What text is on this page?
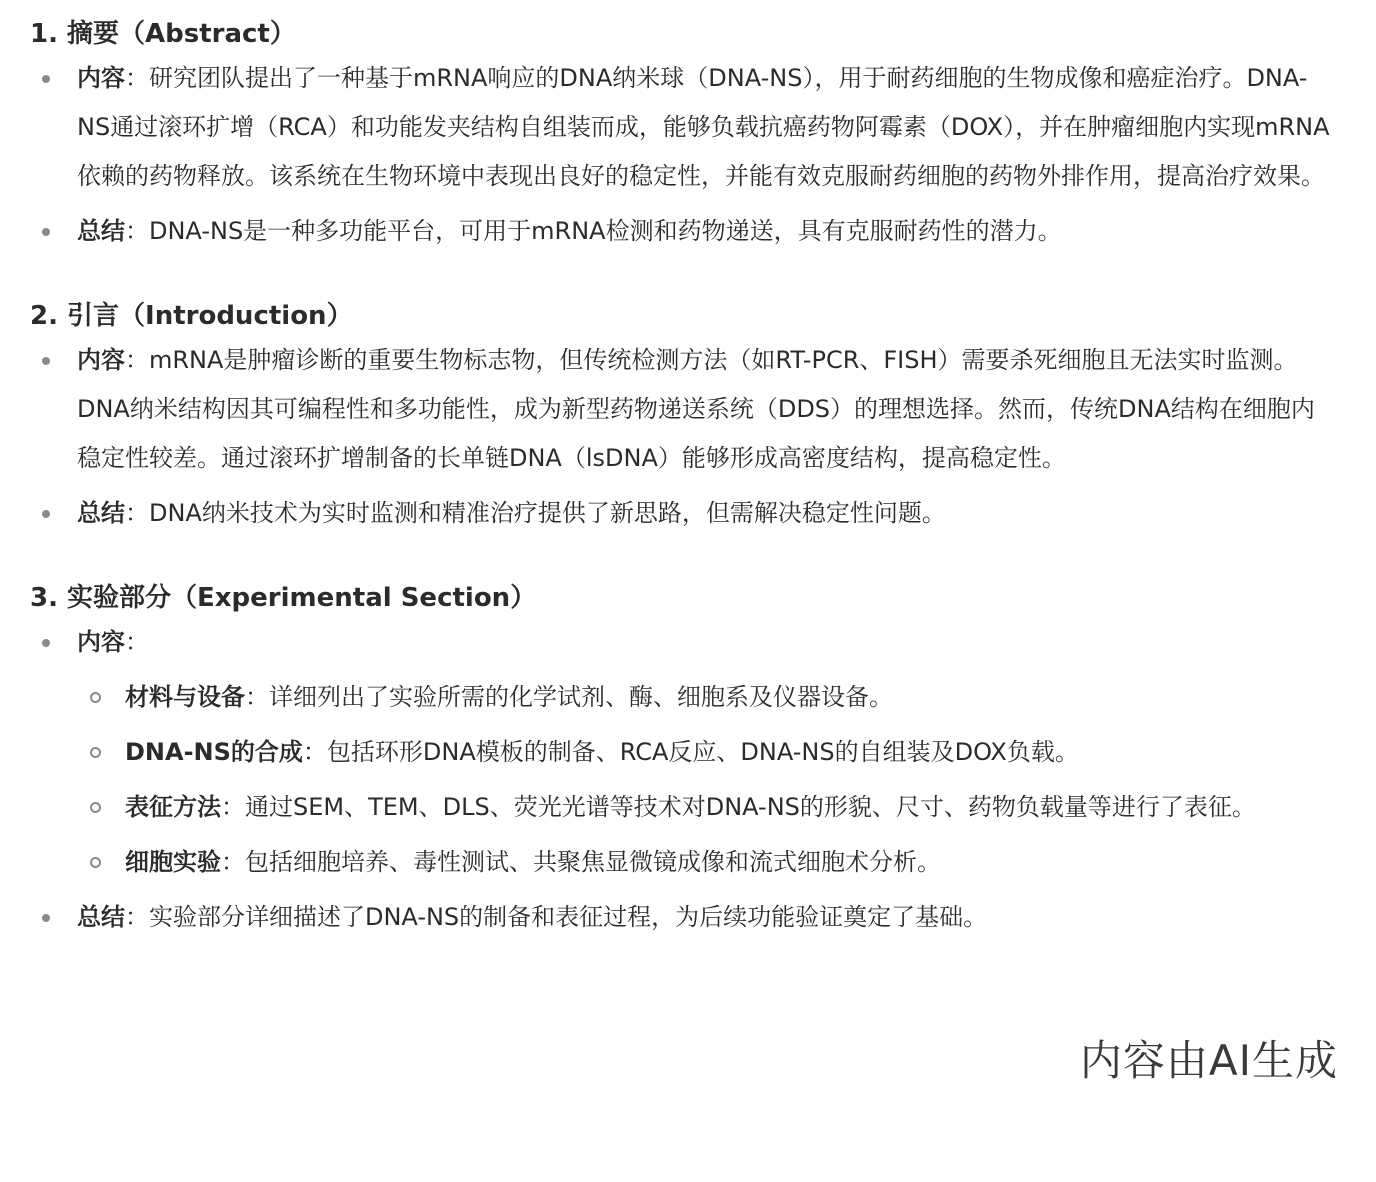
1. 摘要（Abstract）
内容：研究团队提出了一种基于mRNA响应的DNA纳米球（DNA-NS），用于耐药细胞的生物成像和癌症治疗。DNA-NS通过滚环扩增（RCA）和功能发夹结构自组装而成，能够负载抗癌药物阿霉素（DOX），并在肿瘤细胞内实现mRNA依赖的药物释放。该系统在生物环境中表现出良好的稳定性，并能有效克服耐药细胞的药物外排作用，提高治疗效果。
总结：DNA-NS是一种多功能平台，可用于mRNA检测和药物递送，具有克服耐药性的潜力。
2. 引言（Introduction）
内容：mRNA是肿瘤诊断的重要生物标志物，但传统检测方法（如RT-PCR、FISH）需要杀死细胞且无法实时监测。DNA纳米结构因其可编程性和多功能性，成为新型药物递送系统（DDS）的理想选择。然而，传统DNA结构在细胞内稳定性较差。通过滚环扩增制备的长单链DNA（lsDNA）能够形成高密度结构，提高稳定性。
总结：DNA纳米技术为实时监测和精准治疗提供了新思路，但需解决稳定性问题。
3. 实验部分（Experimental Section）
内容：
材料与设备：详细列出了实验所需的化学试剂、酶、细胞系及仪器设备。
DNA-NS的合成：包括环形DNA模板的制备、RCA反应、DNA-NS的自组装及DOX负载。
表征方法：通过SEM、TEM、DLS、荧光光谱等技术对DNA-NS的形貌、尺寸、药物负载量等进行了表征。
细胞实验：包括细胞培养、毒性测试、共聚焦显微镜成像和流式细胞术分析。
总结：实验部分详细描述了DNA-NS的制备和表征过程，为后续功能验证奠定了基础。
内容由AI生成
